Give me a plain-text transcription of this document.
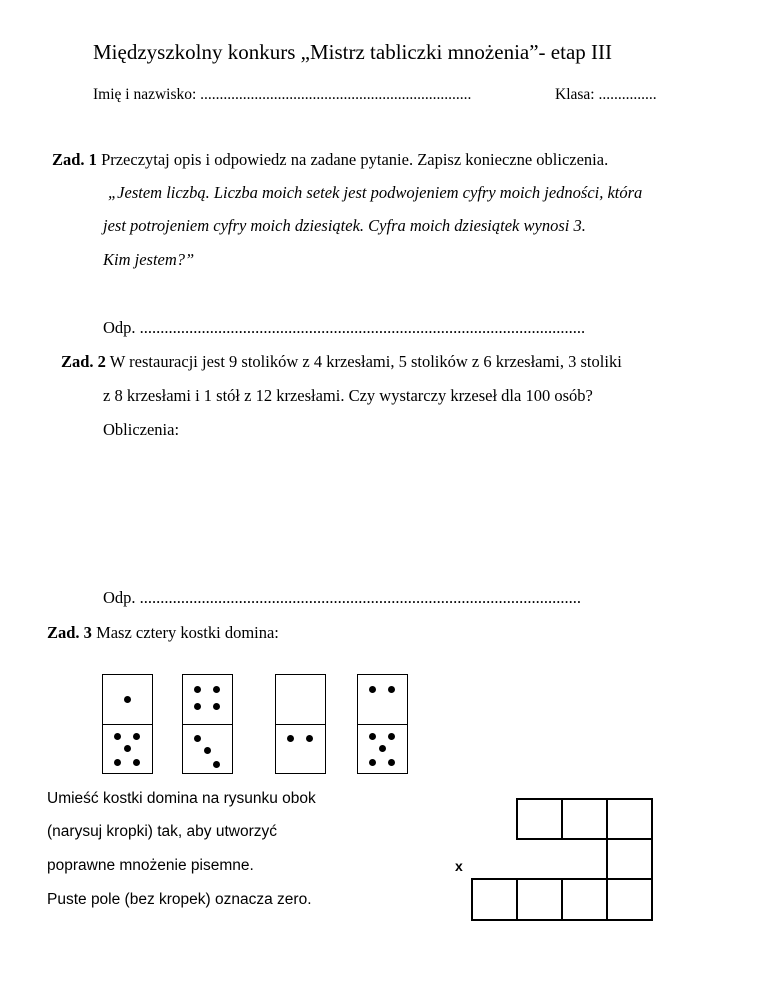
Międzyszkolny konkurs „Mistrz tabliczki mnożenia”- etap III
Imię i nazwisko: ......................................................................	Klasa: ...............
Zad. 1 Przeczytaj opis i odpowiedz na zadane pytanie. Zapisz konieczne obliczenia.
„Jestem liczbą. Liczba moich setek jest podwojeniem cyfry moich jedności, która
jest potrojeniem cyfry moich dziesiątek. Cyfra moich dziesiątek wynosi 3.
Kim jestem?”
Odp. ............................................................................................................
Zad. 2 W restauracji jest 9 stolików z 4 krzesłami, 5 stolików z 6 krzesłami, 3 stoliki
z 8 krzesłami i 1 stół z 12 krzesłami. Czy wystarczy krzeseł dla 100 osób?
Obliczenia:
Odp. ...........................................................................................................
Zad. 3 Masz cztery kostki domina:
Umieść kostki domina na rysunku obok
(narysuj kropki) tak, aby utworzyć
poprawne mnożenie pisemne.
Puste pole (bez kropek) oznacza zero.
x
